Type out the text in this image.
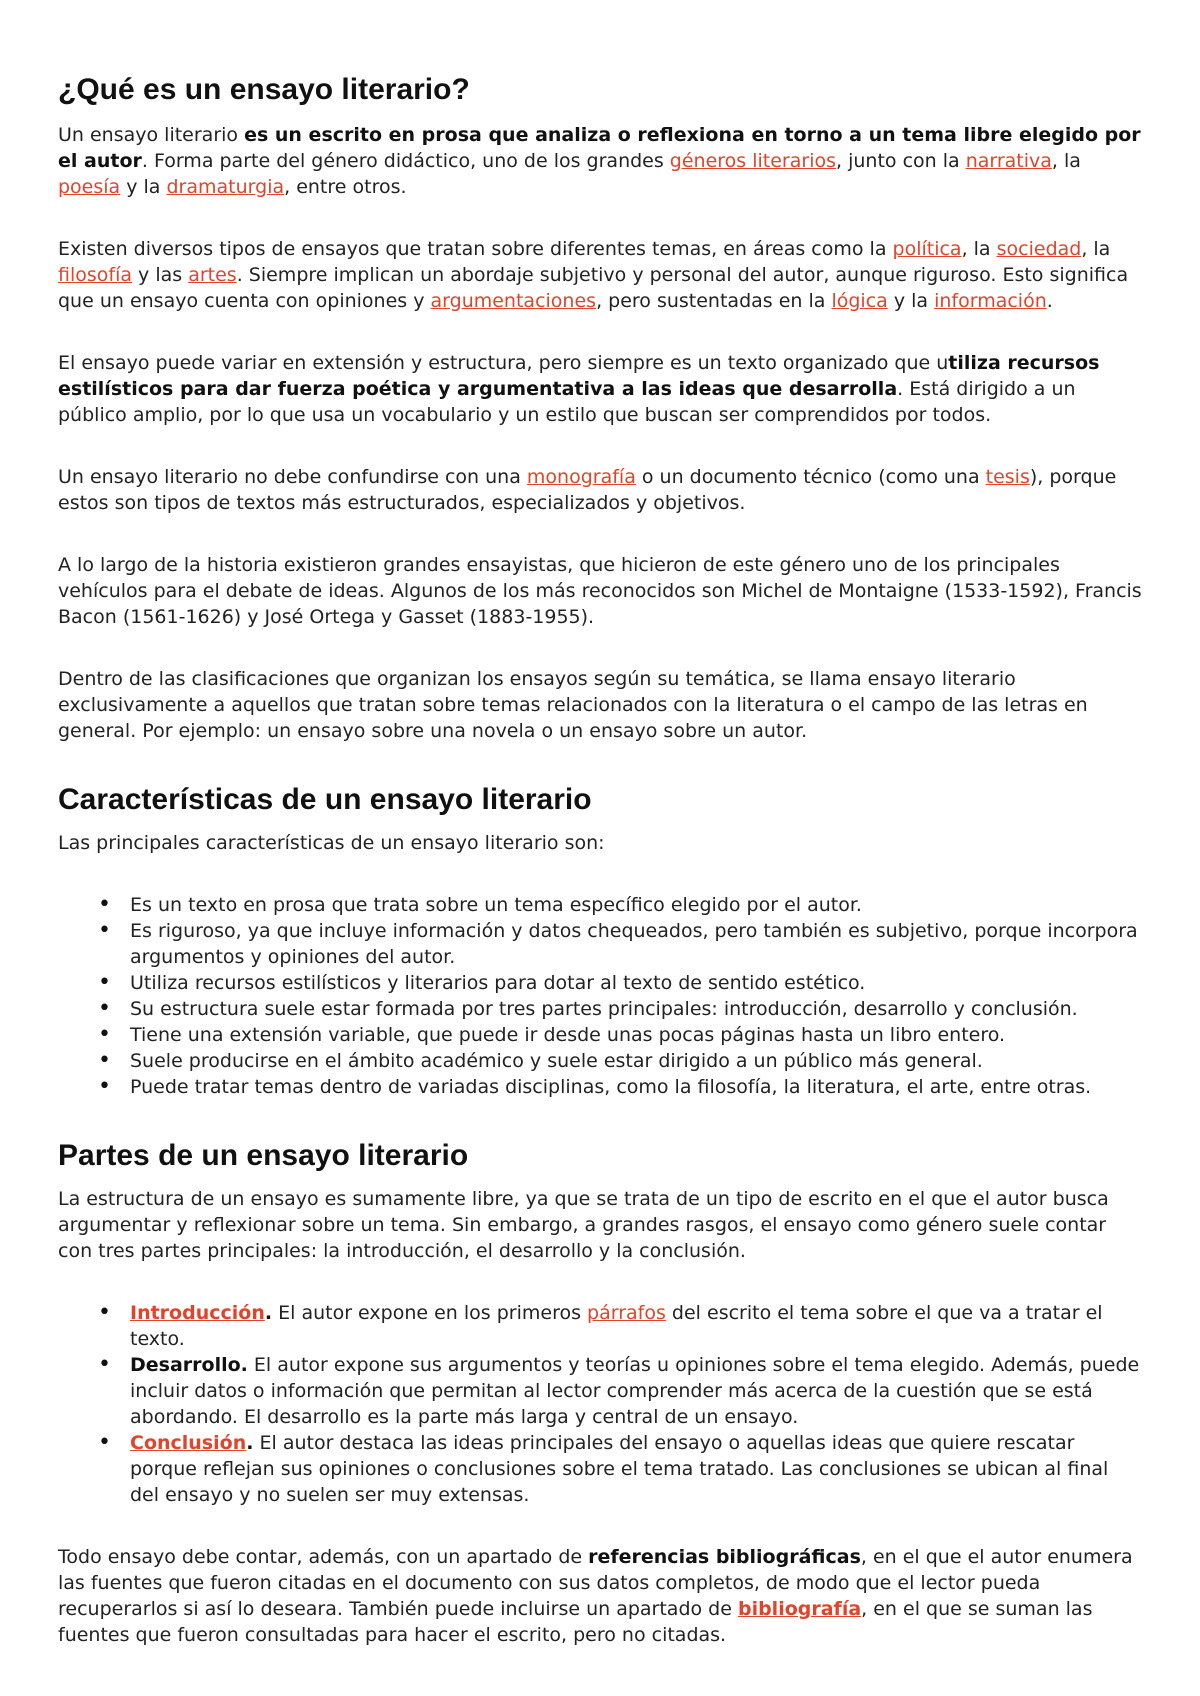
¿Qué es un ensayo literario?

Un ensayo literario es un escrito en prosa que analiza o reflexiona en torno a un tema libre elegido por el autor. Forma parte del género didáctico, uno de los grandes géneros literarios, junto con la narrativa, la poesía y la dramaturgia, entre otros.

Existen diversos tipos de ensayos que tratan sobre diferentes temas, en áreas como la política, la sociedad, la filosofía y las artes. Siempre implican un abordaje subjetivo y personal del autor, aunque riguroso. Esto significa que un ensayo cuenta con opiniones y argumentaciones, pero sustentadas en la lógica y la información.

El ensayo puede variar en extensión y estructura, pero siempre es un texto organizado que utiliza recursos estilísticos para dar fuerza poética y argumentativa a las ideas que desarrolla. Está dirigido a un público amplio, por lo que usa un vocabulario y un estilo que buscan ser comprendidos por todos.

Un ensayo literario no debe confundirse con una monografía o un documento técnico (como una tesis), porque estos son tipos de textos más estructurados, especializados y objetivos.

A lo largo de la historia existieron grandes ensayistas, que hicieron de este género uno de los principales vehículos para el debate de ideas. Algunos de los más reconocidos son Michel de Montaigne (1533-1592), Francis Bacon (1561-1626) y José Ortega y Gasset (1883-1955).

Dentro de las clasificaciones que organizan los ensayos según su temática, se llama ensayo literario exclusivamente a aquellos que tratan sobre temas relacionados con la literatura o el campo de las letras en general. Por ejemplo: un ensayo sobre una novela o un ensayo sobre un autor.

Características de un ensayo literario

Las principales características de un ensayo literario son:

• Es un texto en prosa que trata sobre un tema específico elegido por el autor.
• Es riguroso, ya que incluye información y datos chequeados, pero también es subjetivo, porque incorpora argumentos y opiniones del autor.
• Utiliza recursos estilísticos y literarios para dotar al texto de sentido estético.
• Su estructura suele estar formada por tres partes principales: introducción, desarrollo y conclusión.
• Tiene una extensión variable, que puede ir desde unas pocas páginas hasta un libro entero.
• Suele producirse en el ámbito académico y suele estar dirigido a un público más general.
• Puede tratar temas dentro de variadas disciplinas, como la filosofía, la literatura, el arte, entre otras.
Partes de un ensayo literario

La estructura de un ensayo es sumamente libre, ya que se trata de un tipo de escrito en el que el autor busca argumentar y reflexionar sobre un tema. Sin embargo, a grandes rasgos, el ensayo como género suele contar con tres partes principales: la introducción, el desarrollo y la conclusión.

• Introducción. El autor expone en los primeros párrafos del escrito el tema sobre el que va a tratar el texto.
• Desarrollo. El autor expone sus argumentos y teorías u opiniones sobre el tema elegido. Además, puede incluir datos o información que permitan al lector comprender más acerca de la cuestión que se está abordando. El desarrollo es la parte más larga y central de un ensayo.
• Conclusión. El autor destaca las ideas principales del ensayo o aquellas ideas que quiere rescatar porque reflejan sus opiniones o conclusiones sobre el tema tratado. Las conclusiones se ubican al final del ensayo y no suelen ser muy extensas.

Todo ensayo debe contar, además, con un apartado de referencias bibliográficas, en el que el autor enumera las fuentes que fueron citadas en el documento con sus datos completos, de modo que el lector pueda recuperarlos si así lo deseara. También puede incluirse un apartado de bibliografía, en el que se suman las fuentes que fueron consultadas para hacer el escrito, pero no citadas.
